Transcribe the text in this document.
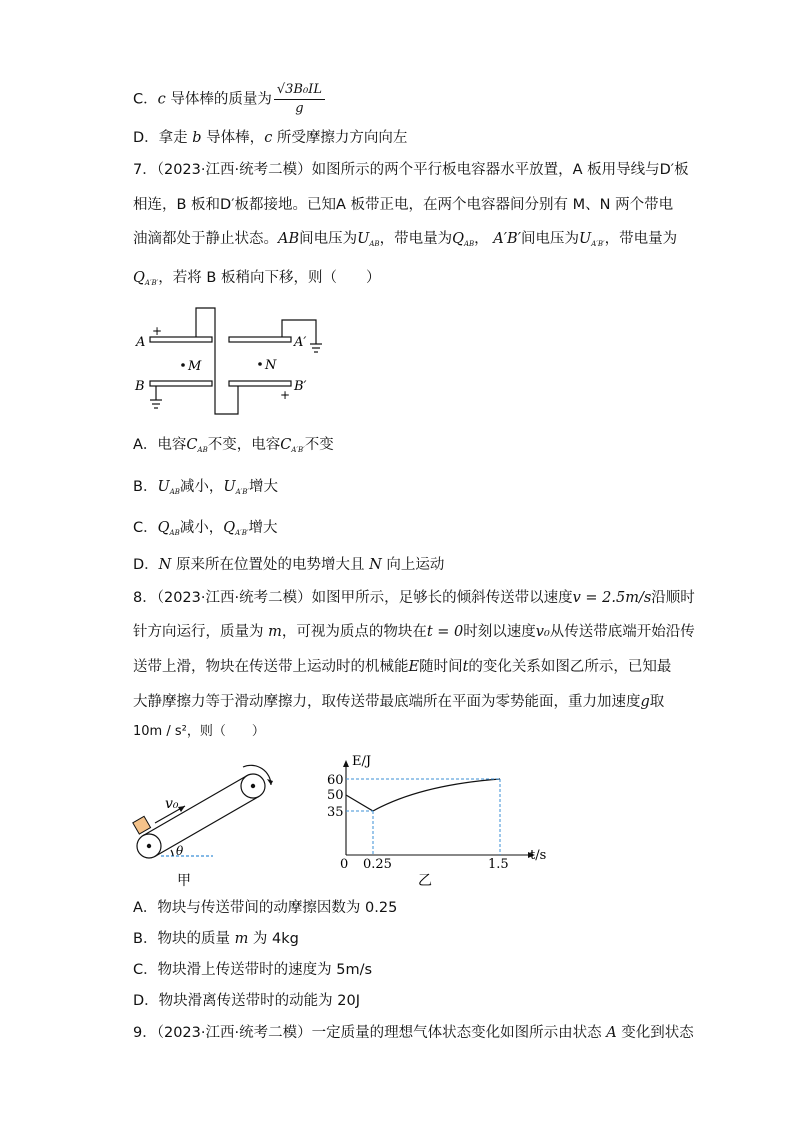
C．c 导体棒的质量为 $\frac{\text{√3B₀IL}}{g}$
D．拿走 b 导体棒，c 所受摩擦力方向向左
7．（2023·江西·统考二模）如图所示的两个平行板电容器水平放置，A 板用导线与D′板
相连，B 板和D′板都接地。已知A 板带正电，在两个电容器间分别有 M、N 两个带电
油滴都处于静止状态。AB间电压为$U_{AB}$，带电量为$Q_{AB}$， A′B′间电压为$U_{A'B'}$，带电量为
$Q_{A'B'}$，若将 B 板稍向下移，则（　　）
A
B
A′
B′
M	N
+
+
A．电容$C_{AB}$不变，电容$C_{A'B'}$不变
B．$U_{AB}$减小，$U_{A'B'}$增大
C．$Q_{AB}$减小，$Q_{A'B'}$增大
D．N 原来所在位置处的电势增大且 N 向上运动
8．（2023·江西·统考二模）如图甲所示，足够长的倾斜传送带以速度v = 2.5m/s沿顺时
针方向运行，质量为 m，可视为质点的物块在t = 0时刻以速度v₀从传送带底端开始沿传
送带上滑，物块在传送带上运动时的机械能E随时间t的变化关系如图乙所示，已知最
大静摩擦力等于滑动摩擦力，取传送带最底端所在平面为零势能面，重力加速度g取
10m / s²，则（　　）
v₀
θ
甲
E/J
t/s
60
50
35
0 0.25	1.5
乙
A．物块与传送带间的动摩擦因数为 0.25
B．物块的质量 m 为 4kg
C．物块滑上传送带时的速度为 5m/s
D．物块滑离传送带时的动能为 20J
9．（2023·江西·统考二模）一定质量的理想气体状态变化如图所示由状态 A 变化到状态
